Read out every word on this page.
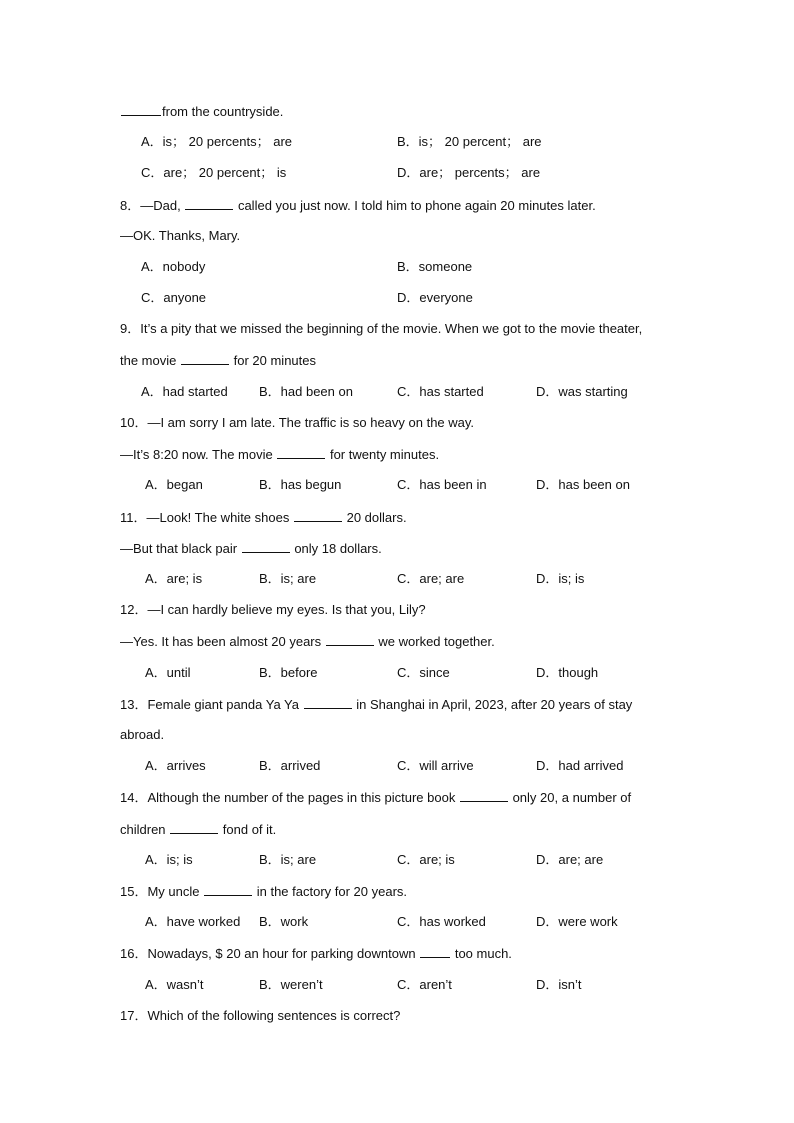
from the countryside.
A．is； 20 percents； are	B．is； 20 percent； are
C．are； 20 percent； is	D．are； percents； are
8．—Dad,	called you just now. I told him to phone again 20 minutes later.
—OK. Thanks, Mary.
A．nobody	B．someone
C．anyone	D．everyone
9．It’s a pity that we missed the beginning of the movie. When we got to the movie theater,
the movie	for 20 minutes
A．had started B．had been on	C．has started	D．was starting
10．—I am sorry I am late. The traffic is so heavy on the way.
—It’s 8:20 now. The movie	for twenty minutes.
A．began	B．has begun	C．has been in	D．has been on
11．—Look! The white shoes	20 dollars.
—But that black pair	only 18 dollars.
A．are; is	B．is; are	C．are; are	D．is; is
12．—I can hardly believe my eyes. Is that you, Lily?
—Yes. It has been almost 20 years	we worked together.
A．until	B．before	C．since	D．though
13．Female giant panda Ya Ya	in Shanghai in April, 2023, after 20 years of stay
abroad.
A．arrives	B．arrived	C．will arrive	D．had arrived
14．Although the number of the pages in this picture book	only 20, a number of
children	fond of it.
A．is; is	B．is; are	C．are; is	D．are; are
15．My uncle	in the factory for 20 years.
A．have worked B．work	C．has worked	D．were work
16．Nowadays, $ 20 an hour for parking downtown	too much.
A．wasn’t	B．weren’t	C．aren’t	D．isn’t
17．Which of the following sentences is correct?
